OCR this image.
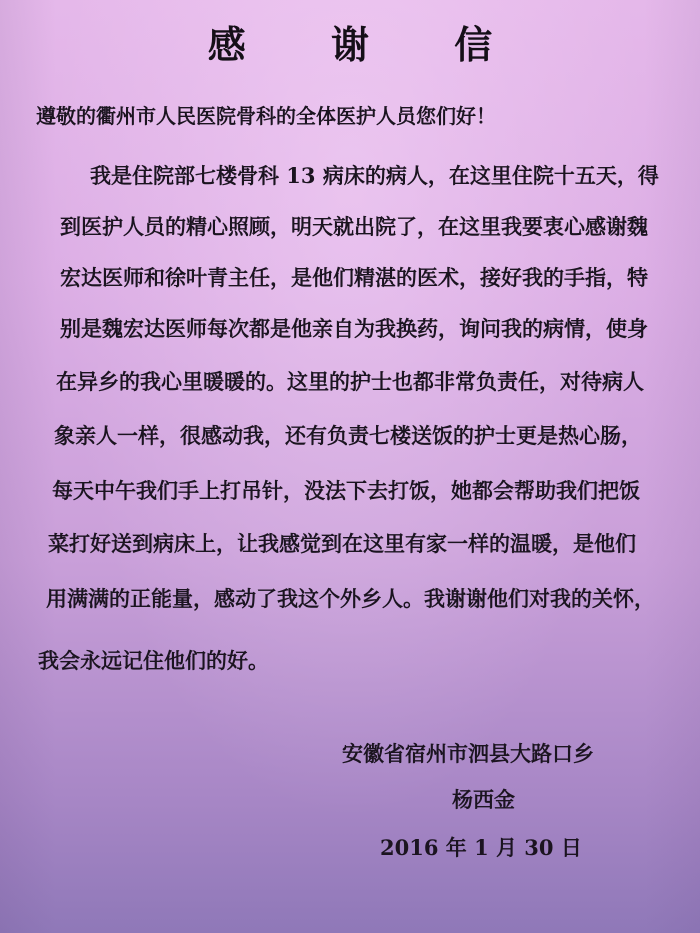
感 谢 信
遵敬的衢州市人民医院骨科的全体医护人员您们好！
我是住院部七楼骨科 13 病床的病人，在这里住院十五天，得
到医护人员的精心照顾，明天就出院了，在这里我要衷心感谢魏
宏达医师和徐叶青主任，是他们精湛的医术，接好我的手指，特
别是魏宏达医师每次都是他亲自为我换药，询问我的病情，使身
在异乡的我心里暖暖的。这里的护士也都非常负责任，对待病人
象亲人一样，很感动我，还有负责七楼送饭的护士更是热心肠，
每天中午我们手上打吊针，没法下去打饭，她都会帮助我们把饭
菜打好送到病床上，让我感觉到在这里有家一样的温暖，是他们
用满满的正能量，感动了我这个外乡人。我谢谢他们对我的关怀，
我会永远记住他们的好。
安徽省宿州市泗县大路口乡
杨西金
2016 年 1 月 30 日
